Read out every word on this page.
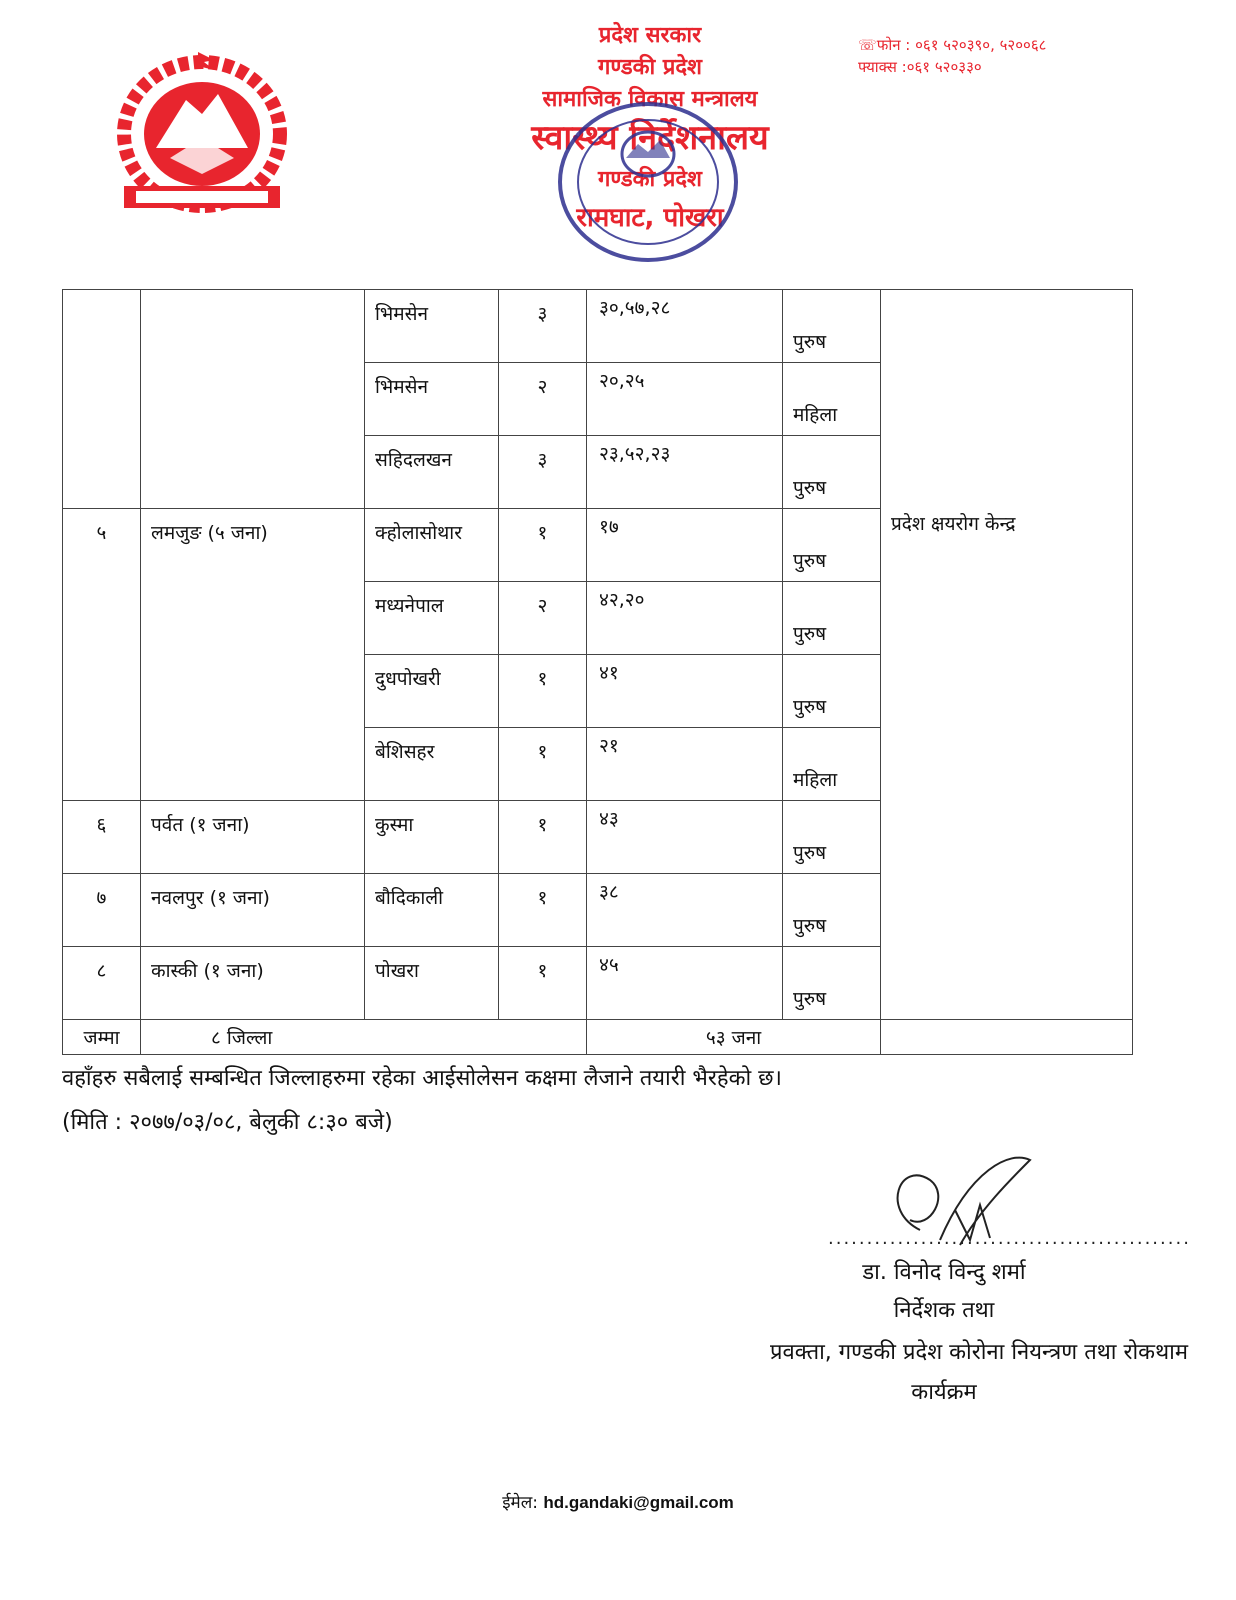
प्रदेश सरकार
गण्डकी प्रदेश
सामाजिक विकास मन्त्रालय
स्वास्थ्य निर्देशनालय
गण्डकी प्रदेश
रामघाट, पोखरा
☏फोन : ०६१ ५२०३९०, ५२००६८
फ्याक्स :०६१ ५२०३३०

		भिमसेन	३	३०,५७,२८	पुरुष	प्रदेश क्षयरोग केन्द्र

		भिमसेन	२	२०,२५	महिला	

		सहिदलखन	३	२३,५२,२३	पुरुष	

५	लमजुङ (५ जना)	क्होलासोथार	१	१७	पुरुष	

		मध्यनेपाल	२	४२,२०	पुरुष	

		दुधपोखरी	१	४१	पुरुष	

		बेशिसहर	१	२१	महिला	

६	पर्वत (१ जना)	कुस्मा	१	४३	पुरुष	

७	नवलपुर (१ जना)	बौदिकाली	१	३८	पुरुष	

८	कास्की (१ जना)	पोखरा	१	४५	पुरुष	

जम्मा	८ जिल्ला			५३ जना		

वहाँहरु सबैलाई सम्बन्धित जिल्लाहरुमा रहेका आईसोलेसन कक्षमा लैजाने तयारी भैरहेको छ।
(मिति : २०७७/०३/०८, बेलुकी ८:३० बजे)
...............................................
डा. विनोद विन्दु शर्मा
निर्देशक तथा
प्रवक्ता, गण्डकी प्रदेश कोरोना नियन्त्रण तथा रोकथाम
कार्यक्रम
ईमेल: hd.gandaki@gmail.com
